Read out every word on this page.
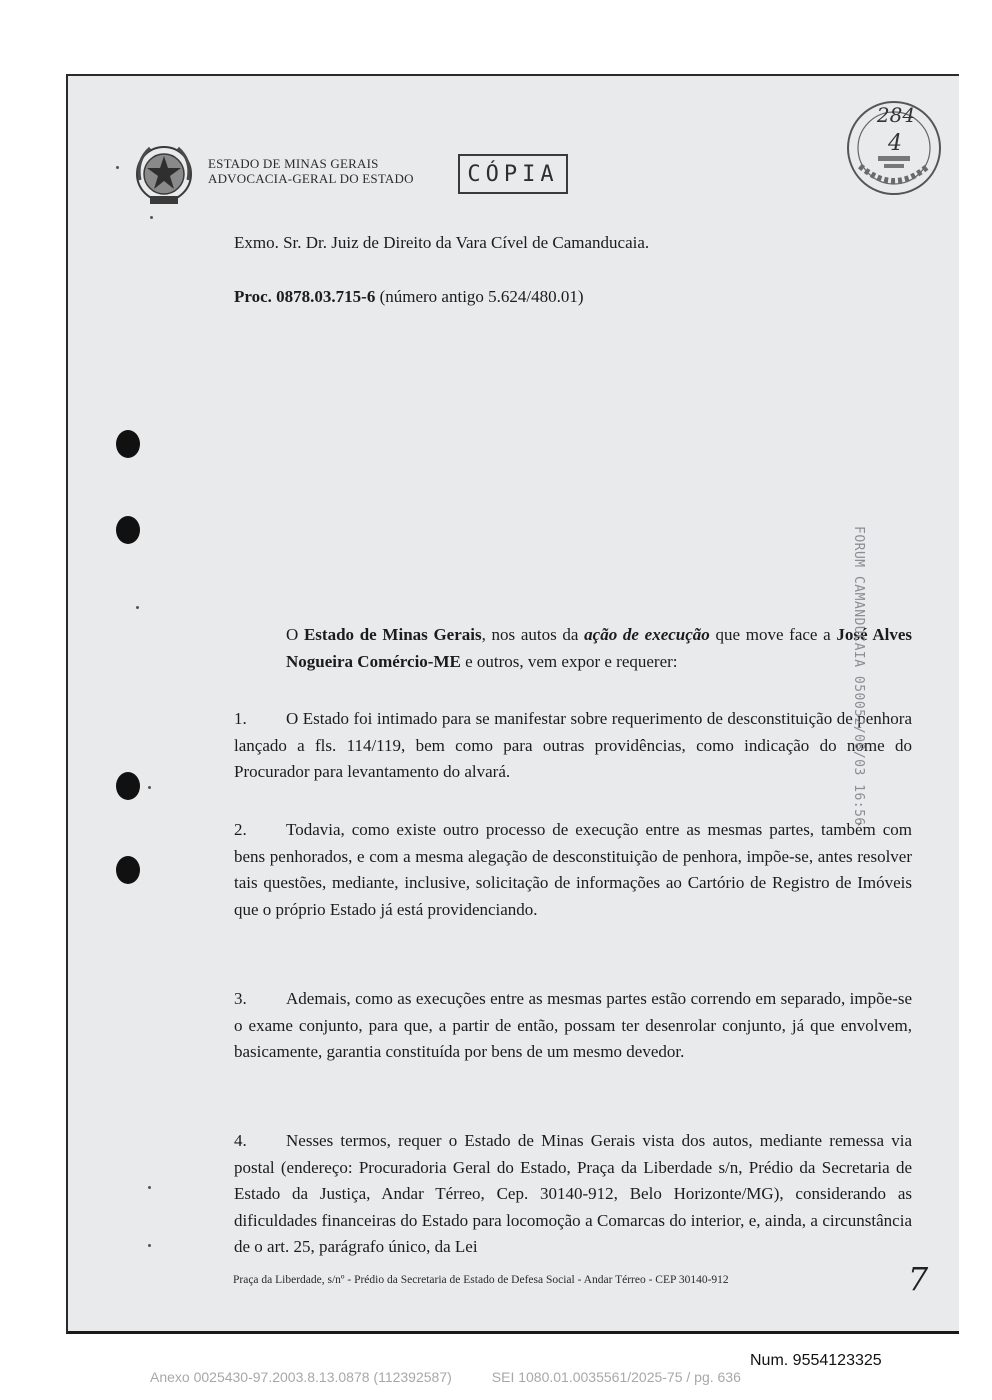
ESTADO DE MINAS GERAIS
ADVOCACIA-GERAL DO ESTADO	CÓPIA
284
4
Exmo. Sr. Dr. Juiz de Direito da Vara Cível de Camanducaia.
Proc. 0878.03.715-6 (número antigo 5.624/480.01)
O Estado de Minas Gerais, nos autos da ação de execução que move face a José Alves Nogueira Comércio-ME e outros, vem expor e requerer:
1. O Estado foi intimado para se manifestar sobre requerimento de desconstituição de penhora lançado a fls. 114/119, bem como para outras providências, como indicação do nome do Procurador para levantamento do alvará.
2. Todavia, como existe outro processo de execução entre as mesmas partes, também com bens penhorados, e com a mesma alegação de desconstituição de penhora, impõe-se, antes resolver tais questões, mediante, inclusive, solicitação de informações ao Cartório de Registro de Imóveis que o próprio Estado já está providenciando.
3. Ademais, como as execuções entre as mesmas partes estão correndo em separado, impõe-se o exame conjunto, para que, a partir de então, possam ter desenrolar conjunto, já que envolvem, basicamente, garantia constituída por bens de um mesmo devedor.
4. Nesses termos, requer o Estado de Minas Gerais vista dos autos, mediante remessa via postal (endereço: Procuradoria Geral do Estado, Praça da Liberdade s/n, Prédio da Secretaria de Estado da Justiça, Andar Térreo, Cep. 30140-912, Belo Horizonte/MG), considerando as dificuldades financeiras do Estado para locomoção a Comarcas do interior, e, ainda, a circunstância de o art. 25, parágrafo único, da Lei
FORUM CAMANDUCAIA 050052/08/03 16:56
Praça da Liberdade, s/nº - Prédio da Secretaria de Estado de Defesa Social - Andar Térreo - CEP 30140-912	7
Num. 9554123325
Anexo 0025430-97.2003.8.13.0878 (112392587)	SEI 1080.01.0035561/2025-75 / pg. 636
